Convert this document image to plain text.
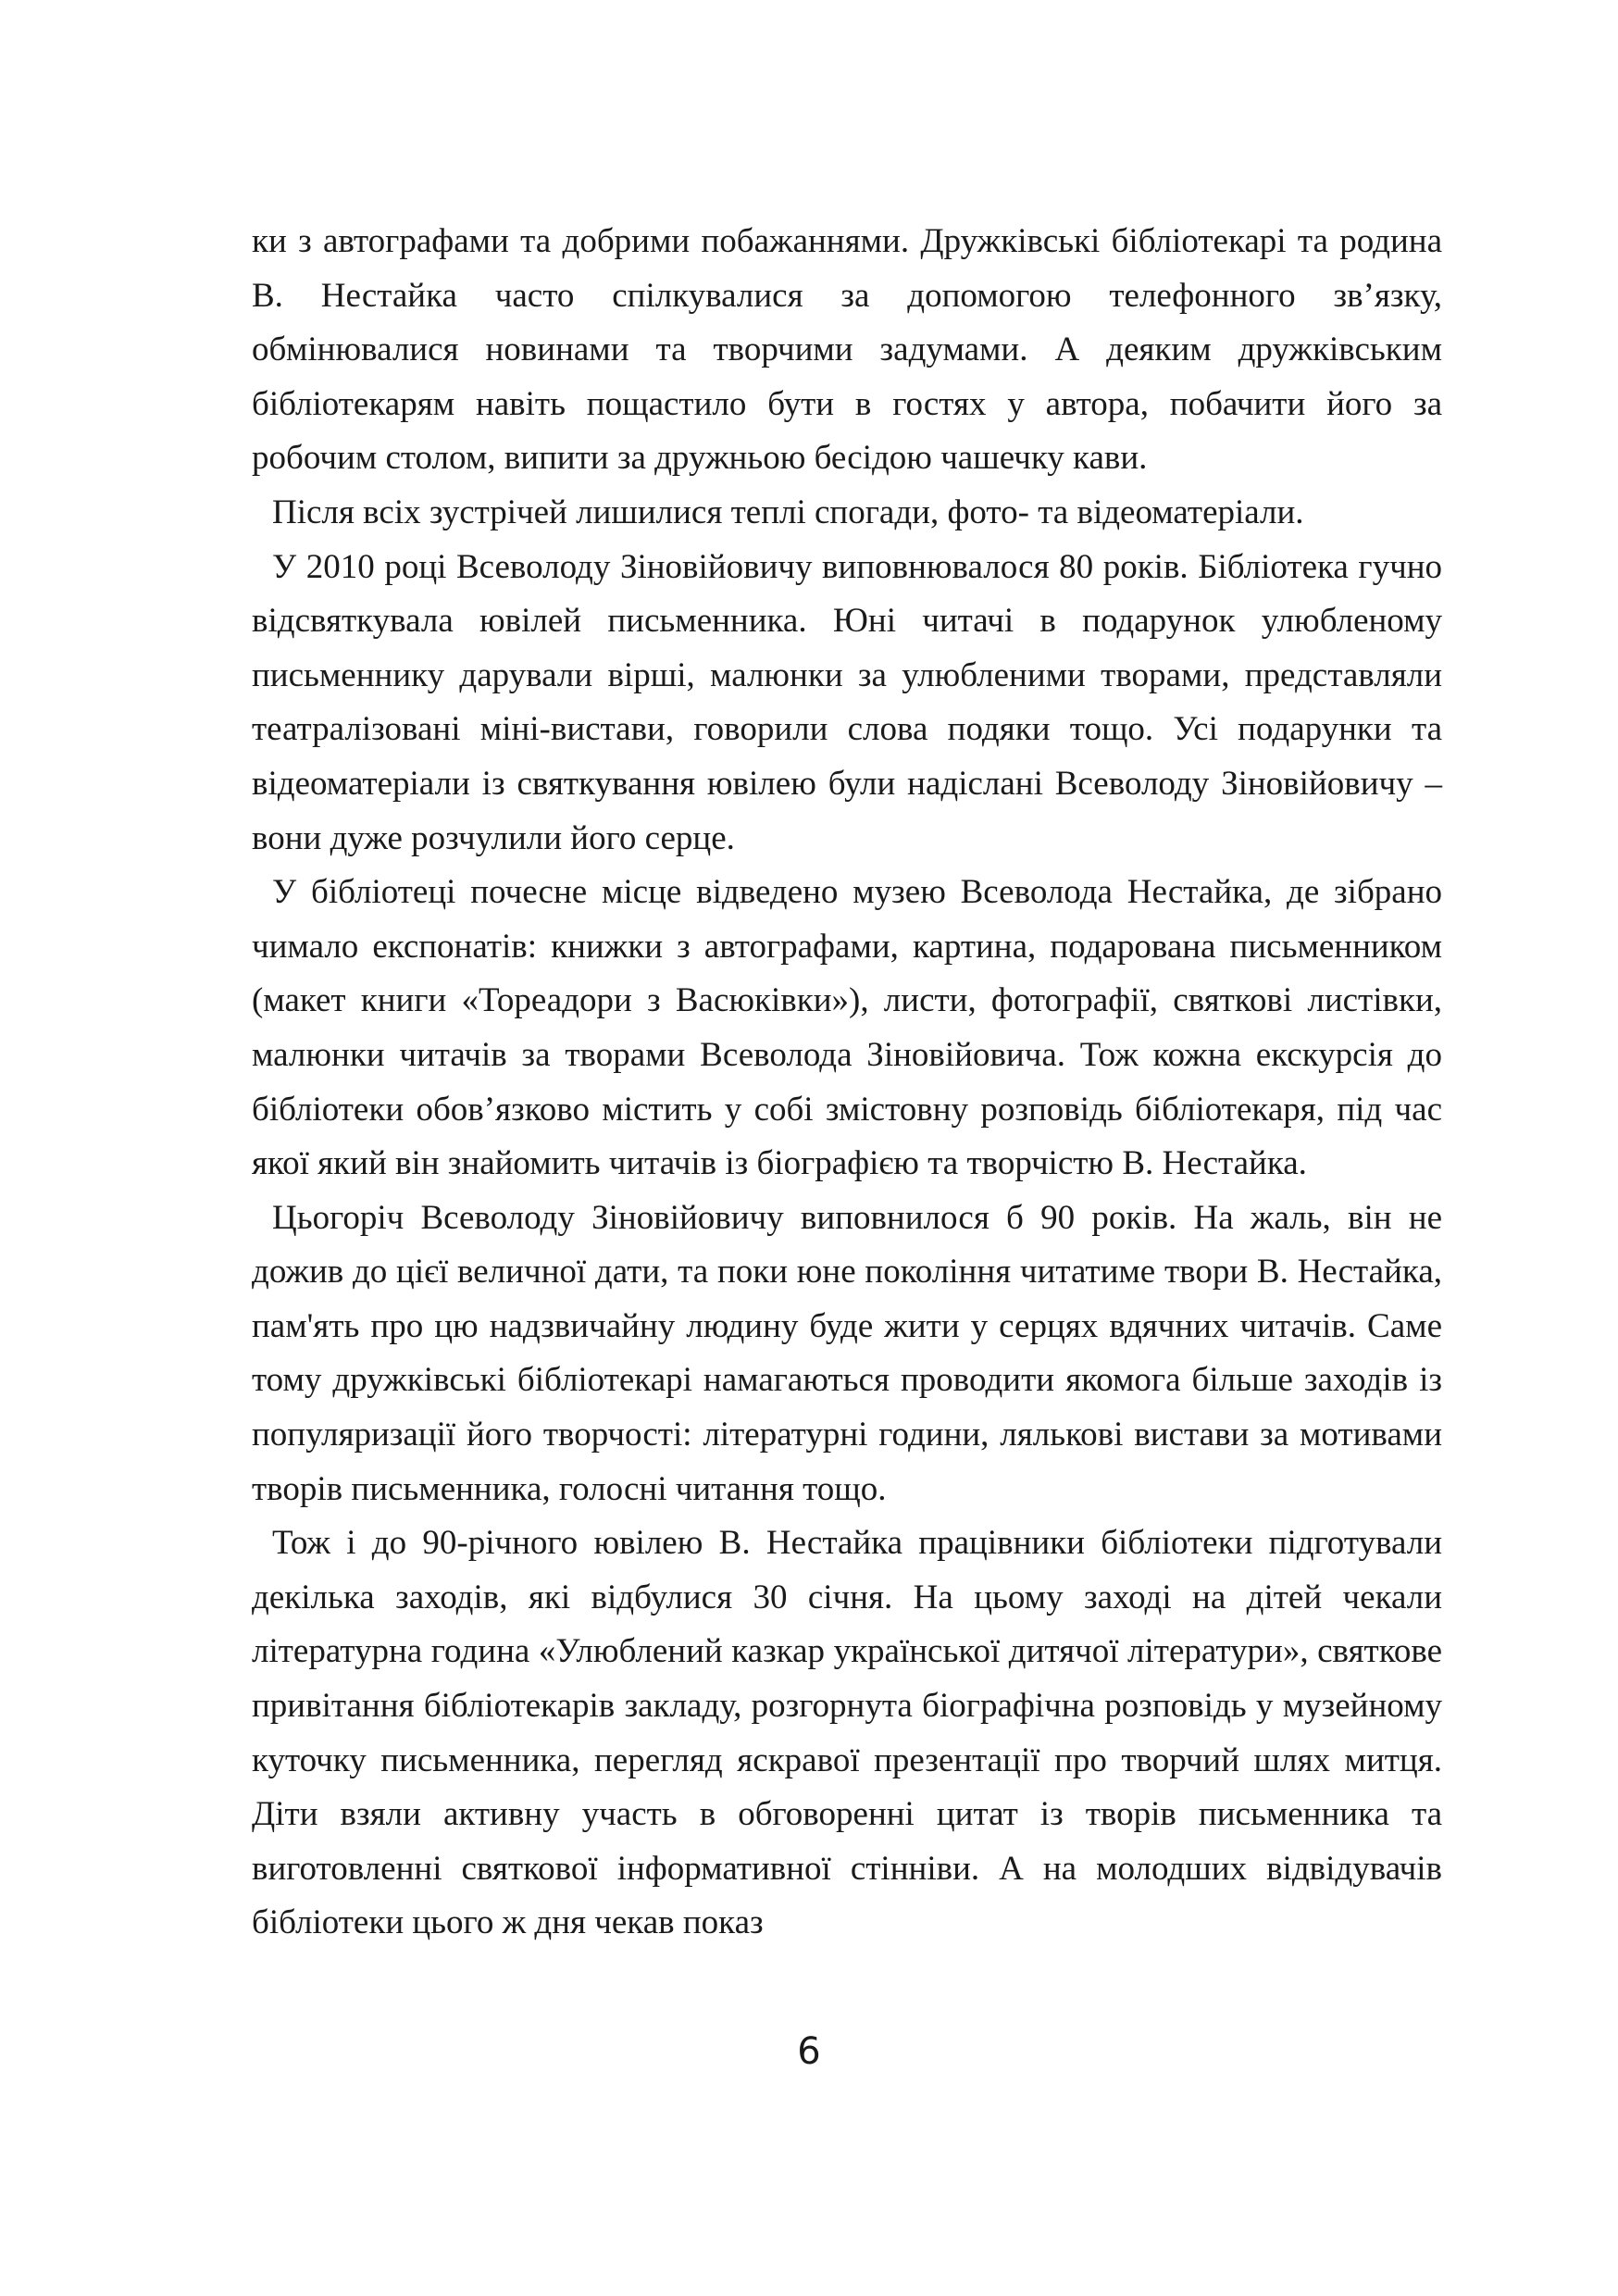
ки з автографами та добрими побажаннями. Дружківські бібліотекарі та родина В. Нестайка часто спілкувалися за допомогою телефонного зв’язку, обмінювалися новинами та творчими задумами. А деяким дружківським бібліотекарям навіть пощастило бути в гостях у автора, побачити його за робочим столом, випити за дружньою бесідою чашечку кави.

Після всіх зустрічей лишилися теплі спогади, фото- та відеоматеріали.

У 2010 році Всеволоду Зіновійовичу виповнювалося 80 років. Бібліотека гучно відсвяткувала ювілей письменника. Юні читачі в подарунок улюбленому письменнику дарували вірші, малюнки за улюбленими творами, представляли театралізовані міні-вистави, говорили слова подяки тощо. Усі подарунки та відеоматеріали із святкування ювілею були надіслані Всеволоду Зіновійовичу – вони дуже розчулили його серце.

У бібліотеці почесне місце відведено музею Всеволода Нестайка, де зібрано чимало експонатів: книжки з автографами, картина, подарована письменником (макет книги «Тореадори з Васюківки»), листи, фотографії, святкові листівки, малюнки читачів за творами Всеволода Зіновійовича. Тож кожна екскурсія до бібліотеки обов’язково містить у собі змістовну розповідь бібліотекаря, під час якої який він знайомить читачів із біографією та творчістю В. Нестайка.

Цьогоріч Всеволоду Зіновійовичу виповнилося б 90 років. На жаль, він не дожив до цієї величної дати, та поки юне покоління читатиме твори В. Нестайка, пам'ять про цю надзвичайну людину буде жити у серцях вдячних читачів. Саме тому дружківські бібліотекарі намагаються проводити якомога більше заходів із популяризації його творчості: літературні години, лялькові вистави за мотивами творів письменника, голосні читання тощо.

Тож і до 90-річного ювілею В. Нестайка працівники бібліотеки підготували декілька заходів, які відбулися 30 січня. На цьому заході на дітей чекали літературна година «Улюблений казкар української дитячої літератури», святкове привітання бібліотекарів закладу, розгорнута біографічна розповідь у музейному куточку письменника, перегляд яскравої презентації про творчий шлях митця. Діти взяли активну участь в обговоренні цитат із творів письменника та виготовленні святкової інформативної стінніви. А на молодших відвідувачів бібліотеки цього ж дня чекав показ

6
